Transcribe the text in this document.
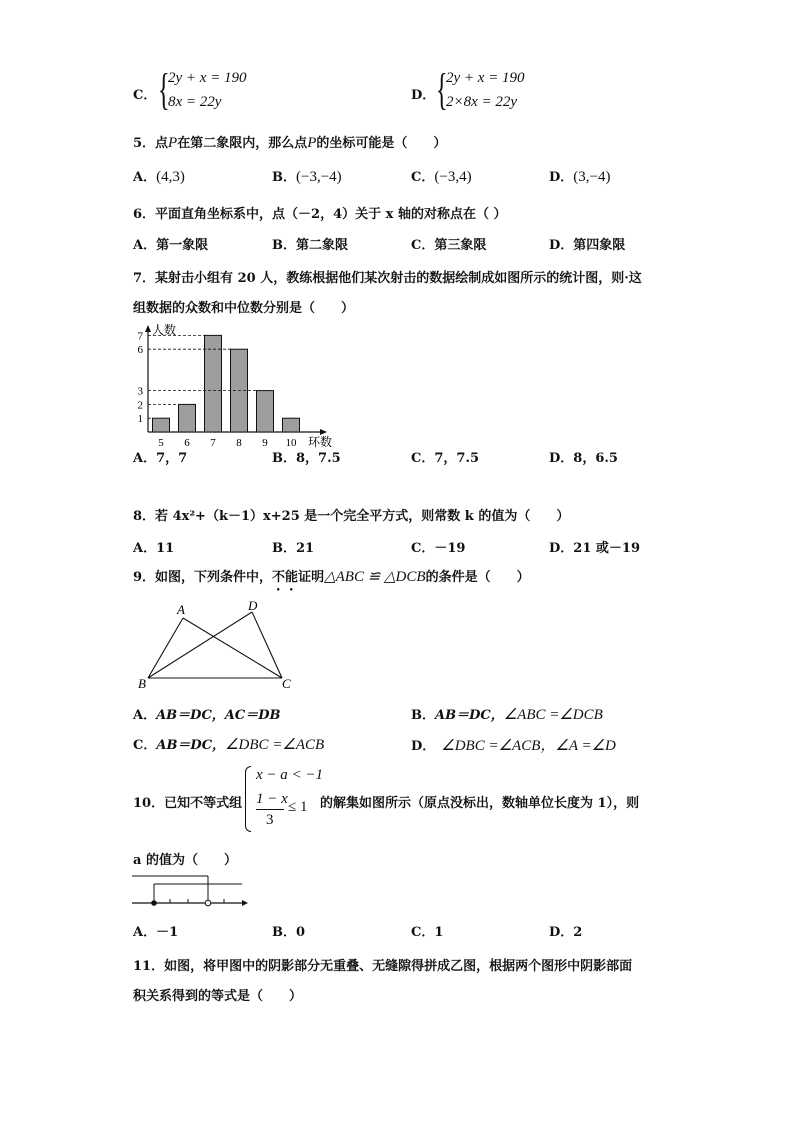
C． {
2y + x = 190
8x = 22y	D． {
2y + x = 190
2×8x = 22y
5．点P在第二象限内，那么点P的坐标可能是（　　）
A．(4,3)	B．(−3,−4)	C．(−3,4)	D．(3,−4)
6．平面直角坐标系中，点（－2，4）关于 x 轴的对称点在（ ）
A．第一象限	B．第二象限	C．第三象限	D．第四象限
7．某射击小组有 20 人，教练根据他们某次射击的数据绘制成如图所示的统计图，则·这
组数据的众数和中位数分别是（　　）
人数
环数
5 6 7 8 9 10
1
2
3
6
7
A．7，7	B．8，7.5	C．7，7.5	D．8，6.5
8．若 4x²+（k－1）x+25 是一个完全平方式，则常数 k 的值为（　　）
A．11	B．21	C．－19	D．21 或－19
9．如图，下列条件中，不能证明△ABC ≌ △DCB的条件是（　　）
A	D
B	C
A．AB＝DC，AC＝DB	B．AB＝DC，∠ABC =∠DCB
C．AB＝DC，∠DBC =∠ACB	D． ∠DBC =∠ACB，∠A =∠D
10．已知不等式组
x − a < −1
1 − x
3
≤ 1 的解集如图所示（原点没标出，数轴单位长度为 1），则
a 的值为（　　）
A．－1	B．0	C．1	D．2
11．如图，将甲图中的阴影部分无重叠、无缝隙得拼成乙图，根据两个图形中阴影部面
积关系得到的等式是（　　）
